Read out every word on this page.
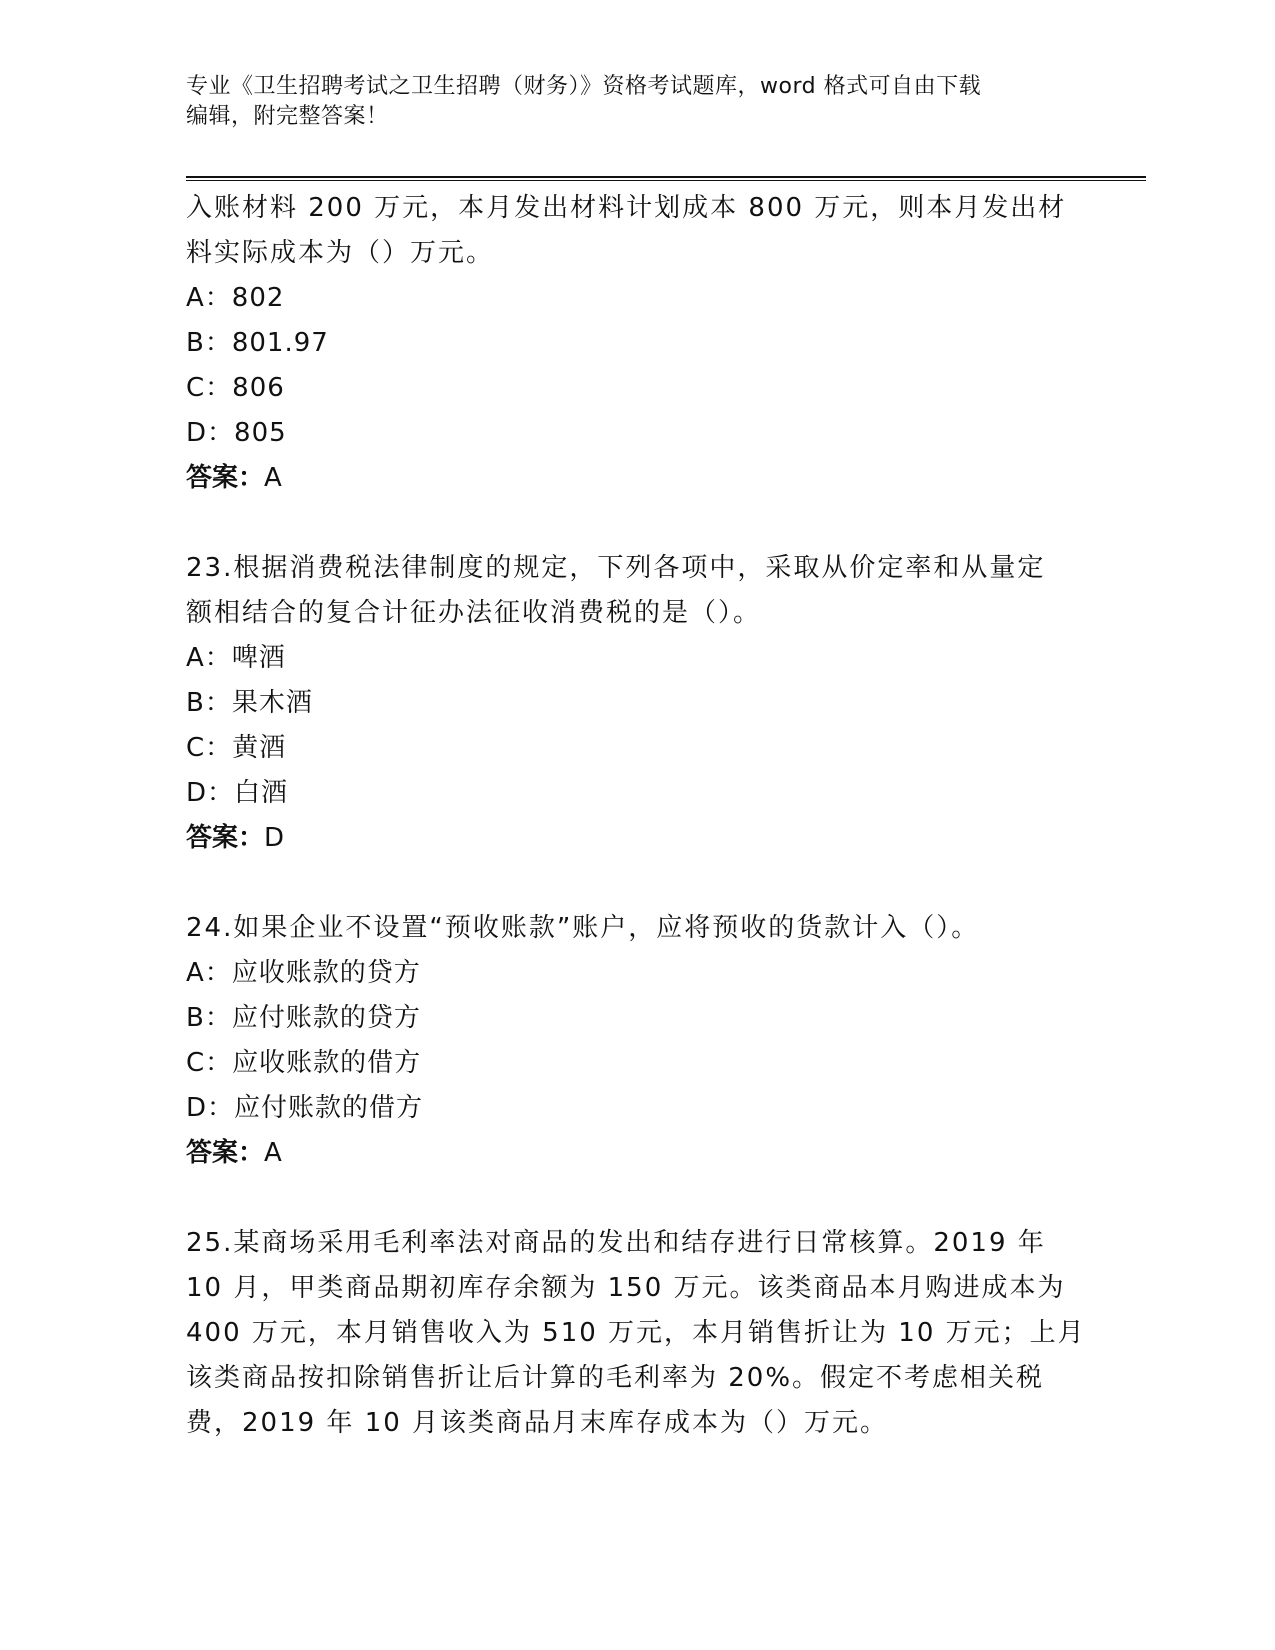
专业《卫生招聘考试之卫生招聘（财务）》资格考试题库，word 格式可自由下载
编辑，附完整答案！
入账材料 200 万元，本月发出材料计划成本 800 万元，则本月发出材
料实际成本为（）万元。
A：802
B：801.97
C：806
D：805
答案：A
23.根据消费税法律制度的规定，下列各项中，采取从价定率和从量定
额相结合的复合计征办法征收消费税的是（）。
A：啤酒
B：果木酒
C：黄酒
D：白酒
答案：D
24.如果企业不设置“预收账款”账户，应将预收的货款计入（）。
A：应收账款的贷方
B：应付账款的贷方
C：应收账款的借方
D：应付账款的借方
答案：A
25.某商场采用毛利率法对商品的发出和结存进行日常核算。2019 年
10 月，甲类商品期初库存余额为 150 万元。该类商品本月购进成本为
400 万元，本月销售收入为 510 万元，本月销售折让为 10 万元；上月
该类商品按扣除销售折让后计算的毛利率为 20%。假定不考虑相关税
费，2019 年 10 月该类商品月末库存成本为（）万元。
